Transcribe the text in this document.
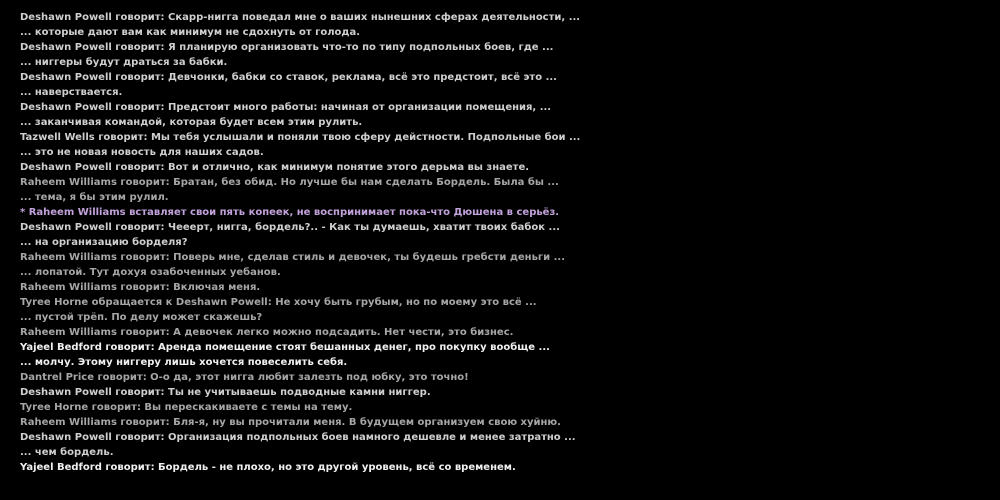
Deshawn Powell говорит: Скарр-нигга поведал мне о ваших нынешних сферах деятельности, ...
... которые дают вам как минимум не сдохнуть от голода.
Deshawn Powell говорит: Я планирую организовать что-то по типу подпольных боев, где ...
... ниггеры будут драться за бабки.
Deshawn Powell говорит: Девчонки, бабки со ставок, реклама, всё это предстоит, всё это ...
... наверствается.
Deshawn Powell говорит: Предстоит много работы: начиная от организации помещения, ...
... заканчивая командой, которая будет всем этим рулить.
Tazwell Wells говорит: Мы тебя услышали и поняли твою сферу дейстности. Подпольные бои ...
... это не новая новость для наших садов.
Deshawn Powell говорит: Вот и отлично, как минимум понятие этого дерьма вы знаете.
Raheem Williams говорит: Братан, без обид. Но лучше бы нам сделать Бордель. Была бы ...
... тема, я бы этим рулил.
* Raheem Williams вставляет свои пять копеек, не воспринимает пока-что Дюшена в серьёз.
Deshawn Powell говорит: Чееерт, нигга, бордель?.. - Как ты думаешь, хватит твоих бабок ...
... на организацию борделя?
Raheem Williams говорит: Поверь мне, сделав стиль и девочек, ты будешь гребсти деньги ...
... лопатой. Тут дохуя озабоченных уебанов.
Raheem Williams говорит: Включая меня.
Tyree Horne обращается к Deshawn Powell: Не хочу быть грубым, но по моему это всё ...
... пустой трёп. По делу может скажешь?
Raheem Williams говорит: А девочек легко можно подсадить. Нет чести, это бизнес.
Yajeel Bedford говорит: Аренда помещение стоят бешанных денег, про покупку вообще ...
... молчу. Этому ниггеру лишь хочется повеселить себя.
Dantrel Price говорит: О-о да, этот нигга любит залезть под юбку, это точно!
Deshawn Powell говорит: Ты не учитываешь подводные камни ниггер.
Tyree Horne говорит: Вы перескакиваете с темы на тему.
Raheem Williams говорит: Бля-я, ну вы прочитали меня. В будущем организуем свою хуйню.
Deshawn Powell говорит: Организация подпольных боев намного дешевле и менее затратно ...
... чем бордель.
Yajeel Bedford говорит: Бордель - не плохо, но это другой уровень, всё со временем.
